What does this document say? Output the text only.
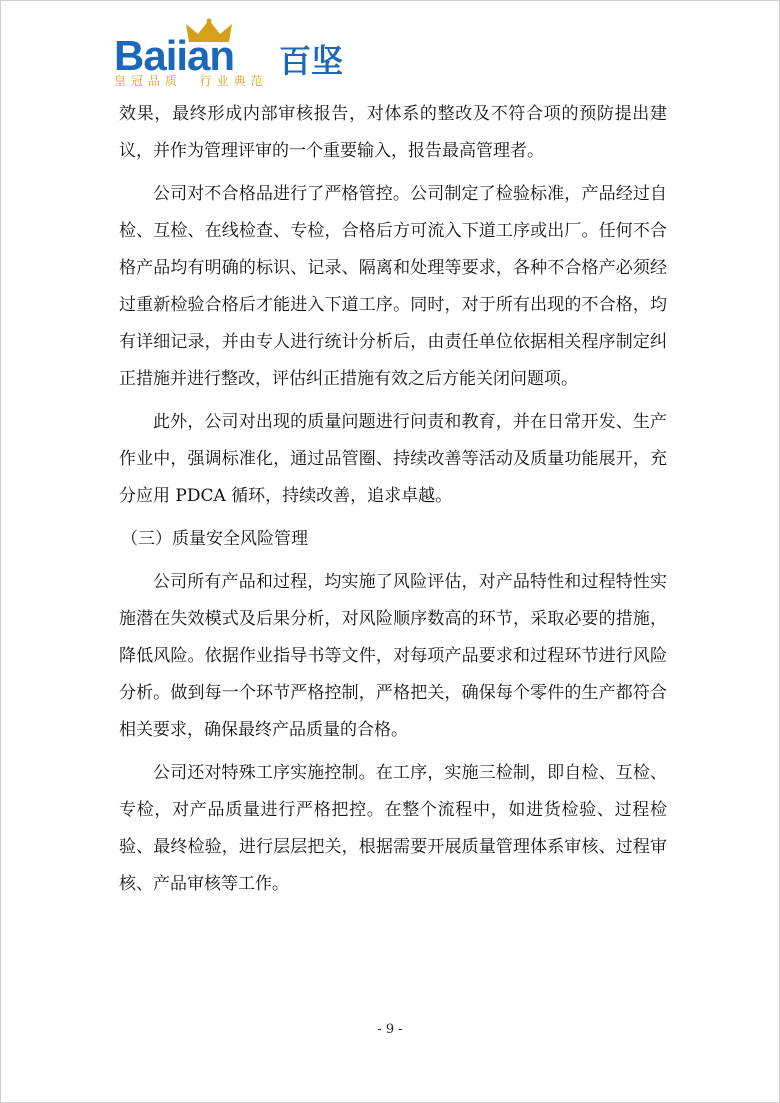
Baiian 百坚
皇冠品质  行业典范

效果，最终形成内部审核报告，对体系的整改及不符合项的预防提出建议，并作为管理评审的一个重要输入，报告最高管理者。

公司对不合格品进行了严格管控。公司制定了检验标准，产品经过自检、互检、在线检查、专检，合格后方可流入下道工序或出厂。任何不合格产品均有明确的标识、记录、隔离和处理等要求，各种不合格产必须经过重新检验合格后才能进入下道工序。同时，对于所有出现的不合格，均有详细记录，并由专人进行统计分析后，由责任单位依据相关程序制定纠正措施并进行整改，评估纠正措施有效之后方能关闭问题项。

此外，公司对出现的质量问题进行问责和教育，并在日常开发、生产作业中，强调标准化，通过品管圈、持续改善等活动及质量功能展开，充分应用 PDCA 循环，持续改善，追求卓越。

（三）质量安全风险管理

公司所有产品和过程，均实施了风险评估，对产品特性和过程特性实施潜在失效模式及后果分析，对风险顺序数高的环节，采取必要的措施，降低风险。依据作业指导书等文件，对每项产品要求和过程环节进行风险分析。做到每一个环节严格控制，严格把关，确保每个零件的生产都符合相关要求，确保最终产品质量的合格。

公司还对特殊工序实施控制。在工序，实施三检制，即自检、互检、专检，对产品质量进行严格把控。在整个流程中，如进货检验、过程检验、最终检验，进行层层把关，根据需要开展质量管理体系审核、过程审核、产品审核等工作。

- 9 -
